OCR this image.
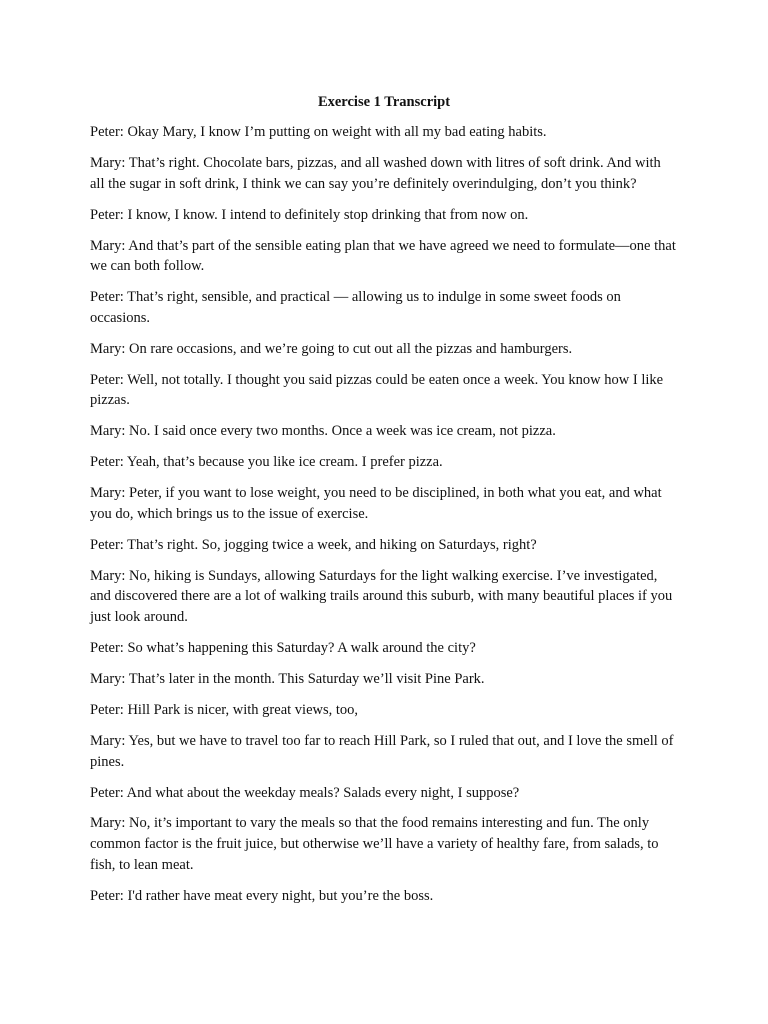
Exercise 1 Transcript

Peter: Okay Mary, I know I’m putting on weight with all my bad eating habits.

Mary: That’s right. Chocolate bars, pizzas, and all washed down with litres of soft drink. And with all the sugar in soft drink, I think we can say you’re definitely overindulging, don’t you think?

Peter: I know, I know. I intend to definitely stop drinking that from now on.

Mary: And that’s part of the sensible eating plan that we have agreed we need to formulate—one that we can both follow.

Peter: That’s right, sensible, and practical — allowing us to indulge in some sweet foods on occasions.

Mary: On rare occasions, and we’re going to cut out all the pizzas and hamburgers.

Peter: Well, not totally. I thought you said pizzas could be eaten once a week. You know how I like pizzas.

Mary: No. I said once every two months. Once a week was ice cream, not pizza.

Peter: Yeah, that’s because you like ice cream. I prefer pizza.

Mary: Peter, if you want to lose weight, you need to be disciplined, in both what you eat, and what you do, which brings us to the issue of exercise.

Peter: That’s right. So, jogging twice a week, and hiking on Saturdays, right?

Mary: No, hiking is Sundays, allowing Saturdays for the light walking exercise. I’ve investigated, and discovered there are a lot of walking trails around this suburb, with many beautiful places if you just look around.

Peter: So what’s happening this Saturday? A walk around the city?

Mary: That’s later in the month. This Saturday we’ll visit Pine Park.

Peter: Hill Park is nicer, with great views, too,

Mary: Yes, but we have to travel too far to reach Hill Park, so I ruled that out, and I love the smell of pines.

Peter: And what about the weekday meals? Salads every night, I suppose?

Mary: No, it’s important to vary the meals so that the food remains interesting and fun. The only common factor is the fruit juice, but otherwise we’ll have a variety of healthy fare, from salads, to fish, to lean meat.

Peter: I'd rather have meat every night, but you’re the boss.
